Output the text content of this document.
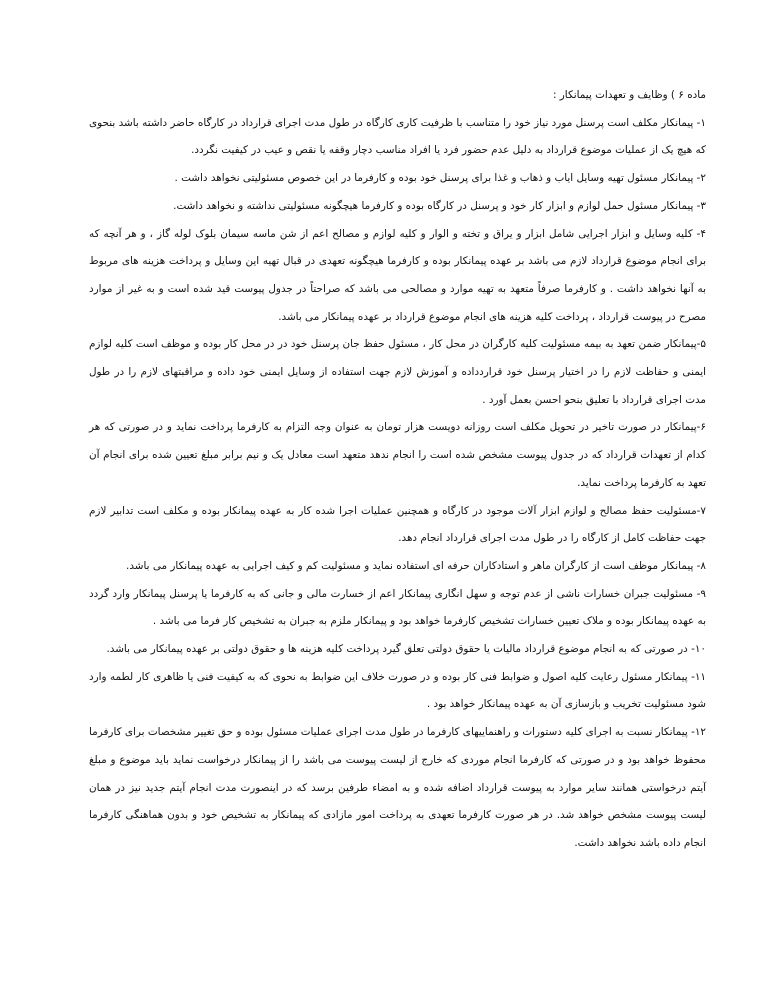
ماده ۶ ) وظایف و تعهدات پیمانکار :

۱- پیمانکار مکلف است پرسنل مورد نیاز خود را متناسب با ظرفیت کاری کارگاه در طول مدت اجرای قرارداد در کارگاه حاضر داشته باشد بنحوی که هیچ یک از عملیات موضوع قرارداد به دلیل عدم حضور فرد یا افراد مناسب دچار وقفه یا نقص و عیب در کیفیت نگردد.

۲- پیمانکار مسئول تهیه وسایل ایاب و ذهاب و غذا برای پرسنل خود بوده و کارفرما در این خصوص مسئولیتی نخواهد داشت .

۳- پیمانکار مسئول حمل لوازم و ابزار کار خود و پرسنل در کارگاه بوده و کارفرما هیچگونه مسئولیتی نداشته و نخواهد داشت.

۴- کلیه وسایل و ابزار اجرایی شامل ابزار و یراق و تخته و الوار و کلیه لوازم و مصالح اعم از شن ماسه سیمان بلوک لوله گاز ، و هر آنچه که برای انجام موضوع قرارداد لازم می باشد بر عهده پیمانکار بوده و کارفرما هیچگونه تعهدی در قبال تهیه این وسایل و پرداخت هزینه های مربوط به آنها نخواهد داشت . و کارفرما صرفاً متعهد به تهیه موارد و مصالحی می باشد که صراحتاً در جدول پیوست قید شده است و به غیر از موارد مصرح در پیوست قرارداد ، پرداخت کلیه هزینه های انجام موضوع قرارداد بر عهده پیمانکار می باشد.

۵-پیمانکار ضمن تعهد به بیمه مسئولیت کلیه کارگران در محل کار ، مسئول حفظ جان پرسنل خود در در محل کار بوده و موظف است کلیه لوازم ایمنی و حفاظت لازم را در اختیار پرسنل خود قراردداده و آموزش لازم جهت استفاده از وسایل ایمنی خود داده و مراقبتهای لازم را در طول مدت اجرای قرارداد با تعلیق بنحو احسن بعمل آورد .

۶-پیمانکار در صورت تاخیر در تحویل مکلف است روزانه دویست هزار تومان به عنوان وجه التزام به کارفرما پرداخت نماید و در صورتی که هر کدام از تعهدات قرارداد که در جدول پیوست مشخص شده است را انجام ندهد متعهد است معادل یک و نیم برابر مبلغ تعیین شده برای انجام آن تعهد به کارفرما پرداخت نماید.

۷-مسئولیت حفظ مصالح و لوازم ابزار آلات موجود در کارگاه و همچنین عملیات اجرا شده کار به عهده پیمانکار بوده و مکلف است تدابیر لازم جهت حفاظت کامل از کارگاه را در طول مدت اجرای قرارداد انجام دهد.

۸- پیمانکار موظف است از کارگران ماهر و استادکاران حرفه ای استفاده نماید و مسئولیت کم و کیف اجرایی به عهده پیمانکار می باشد.

۹- مسئولیت جبران خسارات ناشی از عدم توجه و سهل انگاری پیمانکار اعم از خسارت مالی و جانی که به کارفرما یا پرسنل پیمانکار وارد گردد به عهده پیمانکار بوده و ملاک تعیین خسارات تشخیص کارفرما خواهد بود و پیمانکار ملزم به جبران به تشخیص کار فرما می باشد .

۱۰- در صورتی که به انجام موضوع قرارداد مالیات یا حقوق دولتی تعلق گیرد پرداخت کلیه هزینه ها و حقوق دولتی بر عهده پیمانکار می باشد.

۱۱- پیمانکار مسئول رعایت کلیه اصول و ضوابط فنی کار بوده و در صورت خلاف این ضوابط به نحوی که به کیفیت فنی یا ظاهری کار لطمه وارد شود مسئولیت تخریب و بازسازی آن به عهده پیمانکار خواهد بود .

۱۲- پیمانکار نسبت به اجرای کلیه دستورات و راهنماییهای کارفرما در طول مدت اجرای عملیات مسئول بوده و حق تغییر مشخصات برای کارفرما محفوظ خواهد بود و در صورتی که کارفرما انجام موردی که خارج از لیست پیوست می باشد را از پیمانکار درخواست نماید باید موضوع و مبلغ آیتم درخواستی همانند سایر موارد به پیوست قرارداد اضافه شده و به امضاء طرفین برسد که در اینصورت مدت انجام آیتم جدید نیز در همان لیست پیوست مشخص خواهد شد. در هر صورت کارفرما تعهدی به پرداخت امور مازادی که پیمانکار به تشخیص خود و بدون هماهنگی کارفرما انجام داده باشد نخواهد داشت.
